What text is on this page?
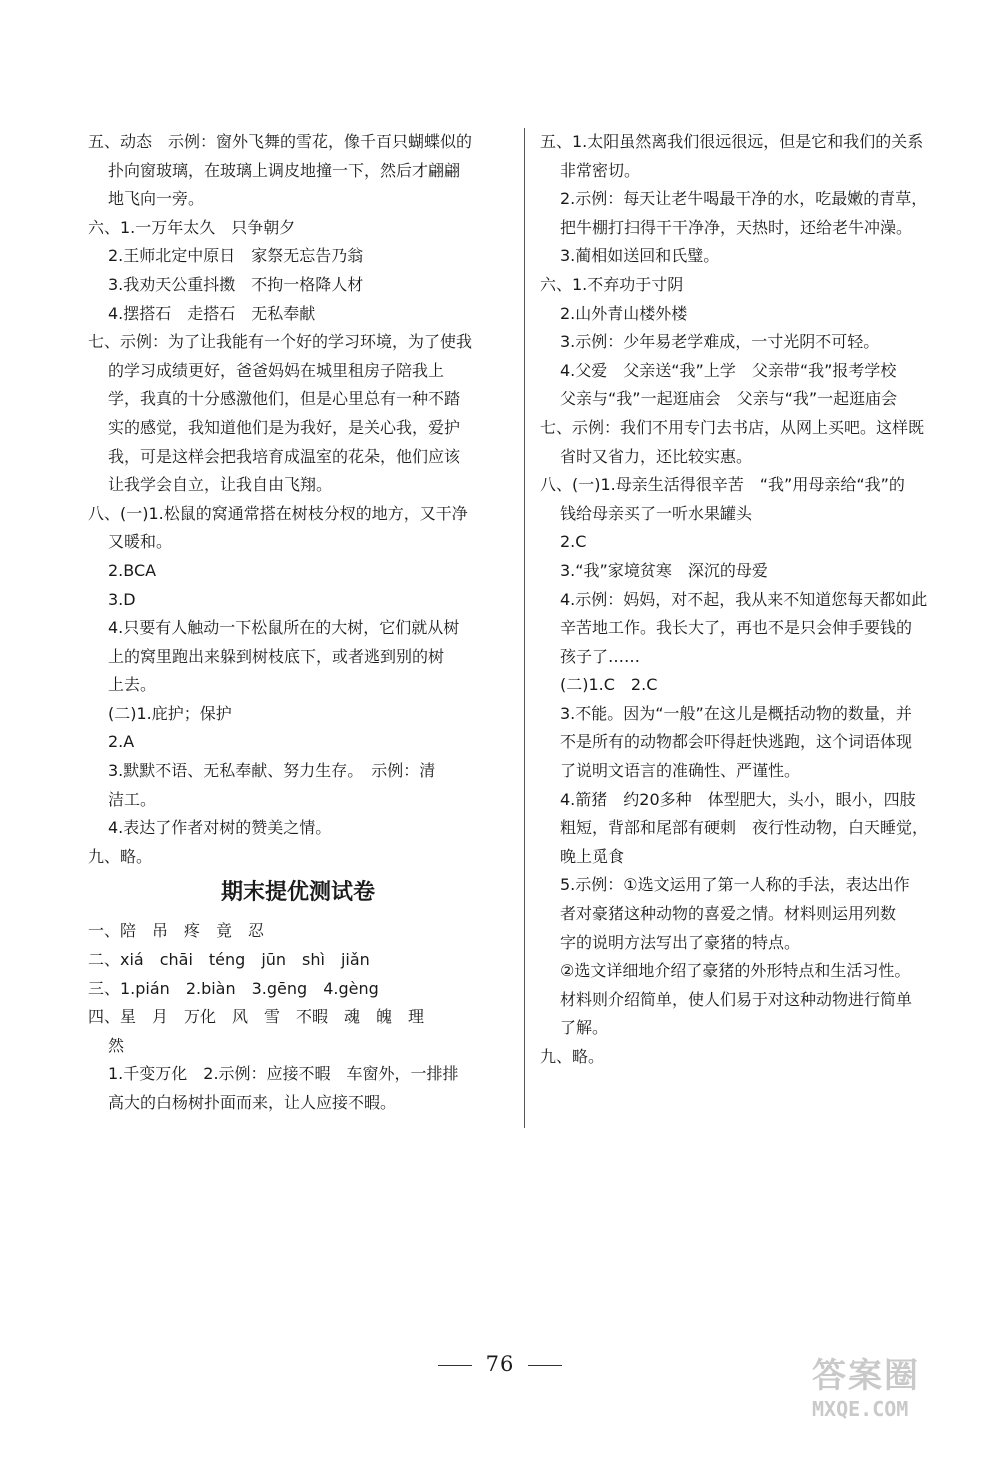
五、动态　示例：窗外飞舞的雪花，像千百只蝴蝶似的
扑向窗玻璃，在玻璃上调皮地撞一下，然后才翩翩
地飞向一旁。
六、1.一万年太久　只争朝夕
2.王师北定中原日　家祭无忘告乃翁
3.我劝天公重抖擞　不拘一格降人材
4.摆搭石　走搭石　无私奉献
七、示例：为了让我能有一个好的学习环境，为了使我
的学习成绩更好，爸爸妈妈在城里租房子陪我上
学，我真的十分感激他们，但是心里总有一种不踏
实的感觉，我知道他们是为我好，是关心我，爱护
我，可是这样会把我培育成温室的花朵，他们应该
让我学会自立，让我自由飞翔。
八、(一)1.松鼠的窝通常搭在树枝分杈的地方，又干净
又暖和。
2.BCA
3.D
4.只要有人触动一下松鼠所在的大树，它们就从树
上的窝里跑出来躲到树枝底下，或者逃到别的树
上去。
(二)1.庇护；保护
2.A
3.默默不语、无私奉献、努力生存。　示例：清
洁工。
4.表达了作者对树的赞美之情。
九、略。
期末提优测试卷
一、陪　吊　疼　竟　忍
二、xiá　chāi　téng　jūn　shì　jiǎn
三、1.pián　2.biàn　3.gēng　4.gèng
四、星　月　万化　风　雪　不暇　魂　魄　理
然
1.千变万化　2.示例：应接不暇　车窗外，一排排
高大的白杨树扑面而来，让人应接不暇。
五、1.太阳虽然离我们很远很远，但是它和我们的关系
非常密切。
2.示例：每天让老牛喝最干净的水，吃最嫩的青草，
把牛棚打扫得干干净净，天热时，还给老牛冲澡。
3.蔺相如送回和氏璧。
六、1.不弃功于寸阴
2.山外青山楼外楼
3.示例：少年易老学难成，一寸光阴不可轻。
4.父爱　父亲送“我”上学　父亲带“我”报考学校
父亲与“我”一起逛庙会　父亲与“我”一起逛庙会
七、示例：我们不用专门去书店，从网上买吧。这样既
省时又省力，还比较实惠。
八、(一)1.母亲生活得很辛苦　“我”用母亲给“我”的
钱给母亲买了一听水果罐头
2.C
3.“我”家境贫寒　深沉的母爱
4.示例：妈妈，对不起，我从来不知道您每天都如此
辛苦地工作。我长大了，再也不是只会伸手要钱的
孩子了……
(二)1.C　2.C
3.不能。因为“一般”在这儿是概括动物的数量，并
不是所有的动物都会吓得赶快逃跑，这个词语体现
了说明文语言的准确性、严谨性。
4.箭猪　约20多种　体型肥大，头小，眼小，四肢
粗短，背部和尾部有硬刺　夜行性动物，白天睡觉，
晚上觅食
5.示例：①选文运用了第一人称的手法，表达出作
者对豪猪这种动物的喜爱之情。材料则运用列数
字的说明方法写出了豪猪的特点。
②选文详细地介绍了豪猪的外形特点和生活习性。
材料则介绍简单，使人们易于对这种动物进行简单
了解。
九、略。
76	答案圈
MXQE.COM
